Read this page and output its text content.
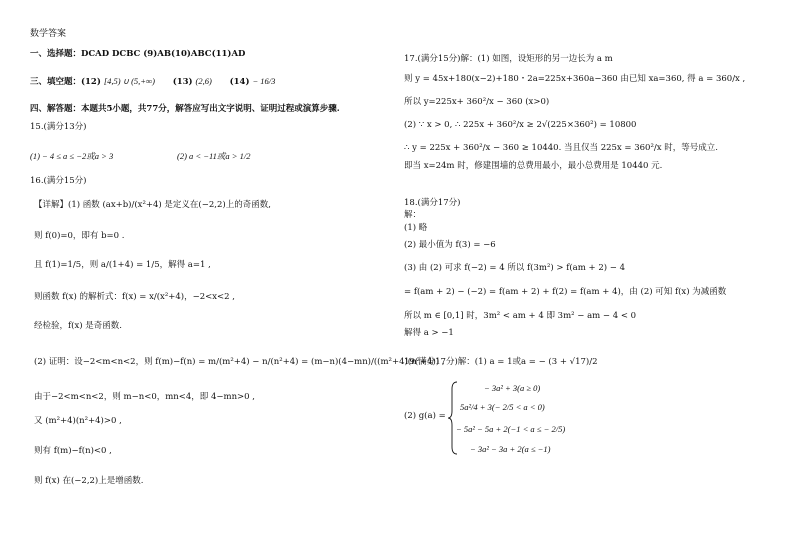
数学答案
一、选择题：DCAD DCBC (9)AB(10)ABC(11)AD
三、填空题：(12) [4,5) ∪ (5,+∞) (13) (2,6) (14) − 16/3
四、解答题：本题共5小题，共77分，解答应写出文字说明、证明过程或演算步骤.
15.(满分13分)
(1) − 4 ≤ a ≤ −2或a > 3	(2) a < −11或a > 1/2
16.(满分15分)
【详解】(1) 函数 (ax+b)/(x²+4) 是定义在(−2,2)上的奇函数,
则 f(0)=0，即有 b=0 .
且 f(1)=1/5，则 a/(1+4) = 1/5，解得 a=1 ,
则函数 f(x) 的解析式：f(x) = x/(x²+4)，−2<x<2 ,
经检验，f(x) 是奇函数.
(2) 证明：设−2<m<n<2，则 f(m)−f(n) = m/(m²+4) − n/(n²+4) = (m−n)(4−mn)/((m²+4)(n²+4)) ,
由于−2<m<n<2，则 m−n<0，mn<4，即 4−mn>0 ,
又 (m²+4)(n²+4)>0 ,
则有 f(m)−f(n)<0 ,
则 f(x) 在(−2,2)上是增函数.
17.(满分15分)解：(1) 如图，设矩形的另一边长为 a m
则 y = 45x+180(x−2)+180・2a=225x+360a−360 由已知 xa=360, 得 a = 360/x ,
所以 y=225x+ 360²/x − 360 (x>0)
(2) ∵ x > 0, ∴ 225x + 360²/x ≥ 2√(225×360²) = 10800
∴ y = 225x + 360²/x − 360 ≥ 10440. 当且仅当 225x = 360²/x 时，等号成立.
即当 x=24m 时，修建围墙的总费用最小，最小总费用是 10440 元.
18.(满分17分)
解：
(1) 略
(2) 最小值为 f(3) = −6
(3) 由 (2) 可求 f(−2) = 4 所以 f(3m²) > f(am + 2) − 4
= f(am + 2) − (−2) = f(am + 2) + f(2) = f(am + 4)，由 (2) 可知 f(x) 为减函数
所以 m ∈ [0,1] 时，3m² < am + 4 即 3m² − am − 4 < 0
解得 a > −1
19(满分17分)解：(1) a = 1或a = − (3 + √17)/2
(2) g(a) =
− 3a² + 3(a ≥ 0)
5a²/4 + 3(− 2/5 < a < 0)
− 5a² − 5a + 2(−1 < a ≤ − 2/5)
− 3a² − 3a + 2(a ≤ −1)
